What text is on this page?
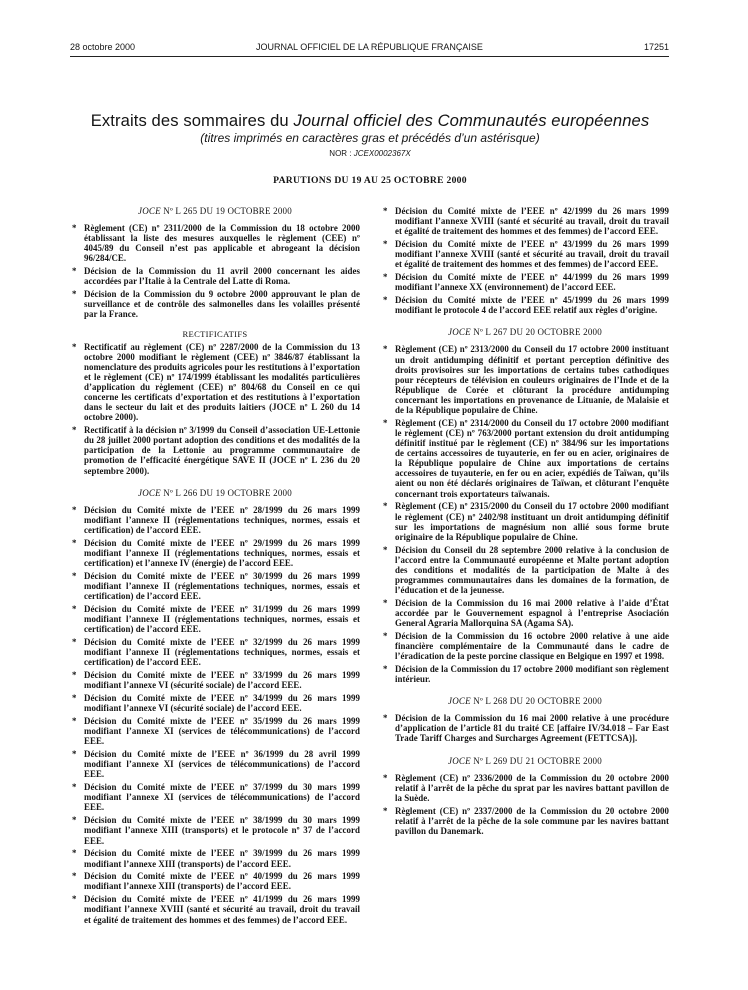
28 octobre 2000	JOURNAL OFFICIEL DE LA RÉPUBLIQUE FRANÇAISE	17251
Extraits des sommaires du Journal officiel des Communautés européennes
(titres imprimés en caractères gras et précédés d’un astérisque)
NOR : JCEX0002367X
PARUTIONS DU 19 AU 25 OCTOBRE 2000
JOCE Nº L 265 DU 19 OCTOBRE 2000
* Règlement (CE) nº 2311/2000 de la Commission du 18 octobre 2000 établissant la liste des mesures auxquelles le règlement (CEE) nº 4045/89 du Conseil n’est pas applicable et abrogeant la décision 96/284/CE.
* Décision de la Commission du 11 avril 2000 concernant les aides accordées par l’Italie à la Centrale del Latte di Roma.
* Décision de la Commission du 9 octobre 2000 approuvant le plan de surveillance et de contrôle des salmonelles dans les volailles présenté par la France.
RECTIFICATIFS
* Rectificatif au règlement (CE) nº 2287/2000 de la Commission du 13 octobre 2000 modifiant le règlement (CEE) nº 3846/87 établissant la nomenclature des produits agricoles pour les restitutions à l’exportation et le règlement (CE) nº 174/1999 établissant les modalités particulières d’application du règlement (CEE) nº 804/68 du Conseil en ce qui concerne les certificats d’exportation et des restitutions à l’exportation dans le secteur du lait et des produits laitiers (JOCE nº L 260 du 14 octobre 2000).
* Rectificatif à la décision nº 3/1999 du Conseil d’association UE-Lettonie du 28 juillet 2000 portant adoption des conditions et des modalités de la participation de la Lettonie au programme communautaire de promotion de l’efficacité énergétique SAVE II (JOCE nº L 236 du 20 septembre 2000).
JOCE Nº L 266 DU 19 OCTOBRE 2000
* Décision du Comité mixte de l’EEE nº 28/1999 du 26 mars 1999 modifiant l’annexe II (réglementations techniques, normes, essais et certification) de l’accord EEE.
* Décision du Comité mixte de l’EEE nº 29/1999 du 26 mars 1999 modifiant l’annexe II (réglementations techniques, normes, essais et certification) et l’annexe IV (énergie) de l’accord EEE.
* Décision du Comité mixte de l’EEE nº 30/1999 du 26 mars 1999 modifiant l’annexe II (réglementations techniques, normes, essais et certification) de l’accord EEE.
* Décision du Comité mixte de l’EEE nº 31/1999 du 26 mars 1999 modifiant l’annexe II (réglementations techniques, normes, essais et certification) de l’accord EEE.
* Décision du Comité mixte de l’EEE nº 32/1999 du 26 mars 1999 modifiant l’annexe II (réglementations techniques, normes, essais et certification) de l’accord EEE.
* Décision du Comité mixte de l’EEE nº 33/1999 du 26 mars 1999 modifiant l’annexe VI (sécurité sociale) de l’accord EEE.
* Décision du Comité mixte de l’EEE nº 34/1999 du 26 mars 1999 modifiant l’annexe VI (sécurité sociale) de l’accord EEE.
* Décision du Comité mixte de l’EEE nº 35/1999 du 26 mars 1999 modifiant l’annexe XI (services de télécommunications) de l’accord EEE.
* Décision du Comité mixte de l’EEE nº 36/1999 du 28 avril 1999 modifiant l’annexe XI (services de télécommunications) de l’accord EEE.
* Décision du Comité mixte de l’EEE nº 37/1999 du 30 mars 1999 modifiant l’annexe XI (services de télécommunications) de l’accord EEE.
* Décision du Comité mixte de l’EEE nº 38/1999 du 30 mars 1999 modifiant l’annexe XIII (transports) et le protocole nº 37 de l’accord EEE.
* Décision du Comité mixte de l’EEE nº 39/1999 du 26 mars 1999 modifiant l’annexe XIII (transports) de l’accord EEE.
* Décision du Comité mixte de l’EEE nº 40/1999 du 26 mars 1999 modifiant l’annexe XIII (transports) de l’accord EEE.
* Décision du Comité mixte de l’EEE nº 41/1999 du 26 mars 1999 modifiant l’annexe XVIII (santé et sécurité au travail, droit du travail et égalité de traitement des hommes et des femmes) de l’accord EEE.
* Décision du Comité mixte de l’EEE nº 42/1999 du 26 mars 1999 modifiant l’annexe XVIII (santé et sécurité au travail, droit du travail et égalité de traitement des hommes et des femmes) de l’accord EEE.
* Décision du Comité mixte de l’EEE nº 43/1999 du 26 mars 1999 modifiant l’annexe XVIII (santé et sécurité au travail, droit du travail et égalité de traitement des hommes et des femmes) de l’accord EEE.
* Décision du Comité mixte de l’EEE nº 44/1999 du 26 mars 1999 modifiant l’annexe XX (environnement) de l’accord EEE.
* Décision du Comité mixte de l’EEE nº 45/1999 du 26 mars 1999 modifiant le protocole 4 de l’accord EEE relatif aux règles d’origine.
JOCE Nº L 267 DU 20 OCTOBRE 2000
* Règlement (CE) nº 2313/2000 du Conseil du 17 octobre 2000 instituant un droit antidumping définitif et portant perception définitive des droits provisoires sur les importations de certains tubes cathodiques pour récepteurs de télévision en couleurs originaires de l’Inde et de la République de Corée et clôturant la procédure antidumping concernant les importations en provenance de Lituanie, de Malaisie et de la République populaire de Chine.
* Règlement (CE) nº 2314/2000 du Conseil du 17 octobre 2000 modifiant le règlement (CE) nº 763/2000 portant extension du droit antidumping définitif institué par le règlement (CE) nº 384/96 sur les importations de certains accessoires de tuyauterie, en fer ou en acier, originaires de la République populaire de Chine aux importations de certains accessoires de tuyauterie, en fer ou en acier, expédiés de Taïwan, qu’ils aient ou non été déclarés originaires de Taïwan, et clôturant l’enquête concernant trois exportateurs taïwanais.
* Règlement (CE) nº 2315/2000 du Conseil du 17 octobre 2000 modifiant le règlement (CE) nº 2402/98 instituant un droit antidumping définitif sur les importations de magnésium non allié sous forme brute originaire de la République populaire de Chine.
* Décision du Conseil du 28 septembre 2000 relative à la conclusion de l’accord entre la Communauté européenne et Malte portant adoption des conditions et modalités de la participation de Malte à des programmes communautaires dans les domaines de la formation, de l’éducation et de la jeunesse.
* Décision de la Commission du 16 mai 2000 relative à l’aide d’État accordée par le Gouvernement espagnol à l’entreprise Asociación General Agraria Mallorquina SA (Agama SA).
* Décision de la Commission du 16 octobre 2000 relative à une aide financière complémentaire de la Communauté dans le cadre de l’éradication de la peste porcine classique en Belgique en 1997 et 1998.
* Décision de la Commission du 17 octobre 2000 modifiant son règlement intérieur.
JOCE Nº L 268 DU 20 OCTOBRE 2000
* Décision de la Commission du 16 mai 2000 relative à une procédure d’application de l’article 81 du traité CE [affaire IV/34.018 – Far East Trade Tariff Charges and Surcharges Agreement (FETTCSA)].
JOCE Nº L 269 DU 21 OCTOBRE 2000
* Règlement (CE) nº 2336/2000 de la Commission du 20 octobre 2000 relatif à l’arrêt de la pêche du sprat par les navires battant pavillon de la Suède.
* Règlement (CE) nº 2337/2000 de la Commission du 20 octobre 2000 relatif à l’arrêt de la pêche de la sole commune par les navires battant pavillon du Danemark.
